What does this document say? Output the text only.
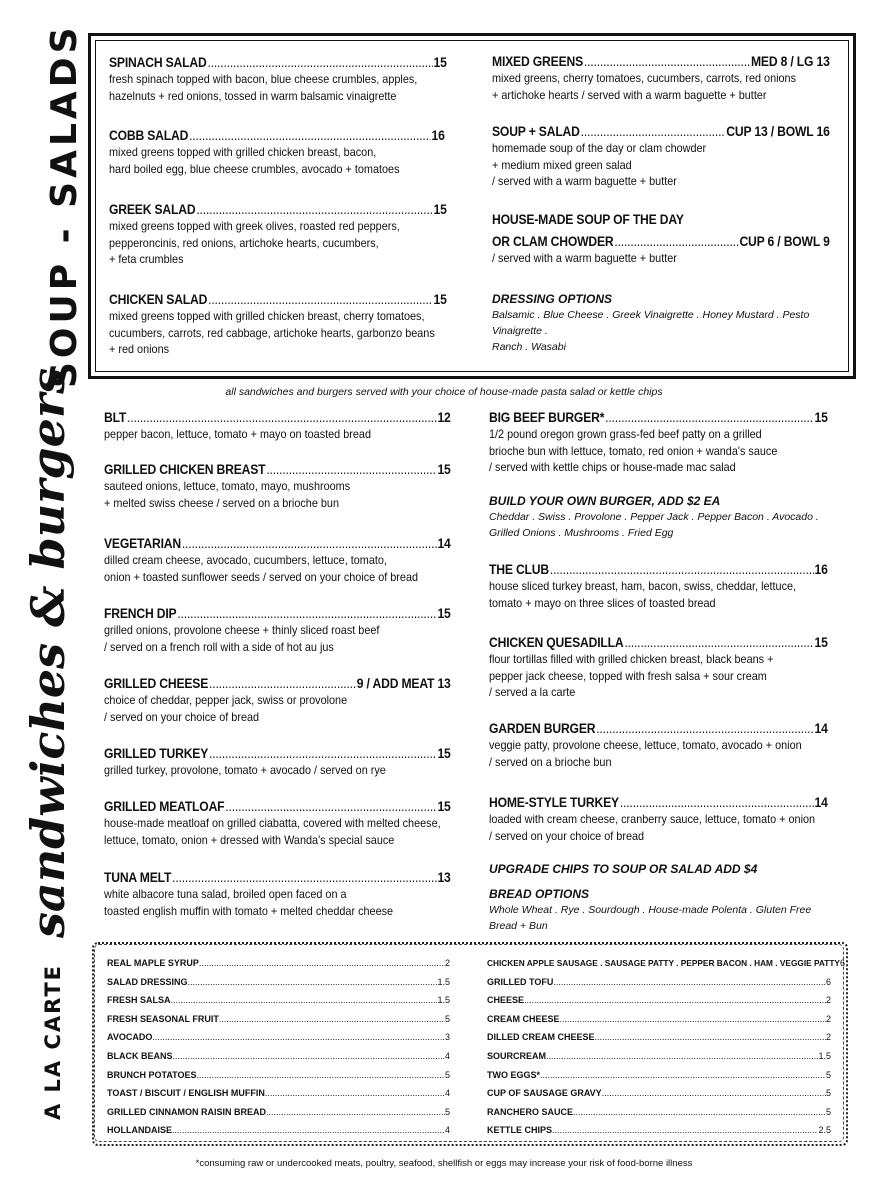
SOUP - SALADS
sandwiches & burgers
A LA CARTE
SPINACH SALAD .....	15
fresh spinach topped with bacon, blue cheese crumbles, apples,
hazelnuts + red onions, tossed in warm balsamic vinaigrette
COBB SALAD .....	16
mixed greens topped with grilled chicken breast, bacon,
hard boiled egg, blue cheese crumbles, avocado + tomatoes
GREEK SALAD .....	15
mixed greens topped with greek olives, roasted red peppers,
pepperoncinis, red onions, artichoke hearts, cucumbers,
+ feta crumbles
CHICKEN SALAD .....	15
mixed greens topped with grilled chicken breast, cherry tomatoes,
cucumbers, carrots, red cabbage, artichoke hearts, garbonzo beans
+ red onions
MIXED GREENS .....	MED 8 / LG 13
mixed greens, cherry tomatoes, cucumbers, carrots, red onions
+ artichoke hearts / served with a warm baguette + butter
SOUP + SALAD .....	CUP 13 / BOWL 16
homemade soup of the day or clam chowder
+ medium mixed green salad
/ served with a warm baguette + butter
HOUSE-MADE SOUP OF THE DAY
OR CLAM CHOWDER .....	CUP 6 / BOWL 9
/ served with a warm baguette + butter
DRESSING OPTIONS
Balsamic . Blue Cheese . Greek Vinaigrette . Honey Mustard . Pesto Vinaigrette .
Ranch . Wasabi
all sandwiches and burgers served with your choice of house-made pasta salad or kettle chips
BLT .....	12
pepper bacon, lettuce, tomato + mayo on toasted bread
GRILLED CHICKEN BREAST .....	15
sauteed onions, lettuce, tomato, mayo, mushrooms
+ melted swiss cheese / served on a brioche bun
VEGETARIAN .....	14
dilled cream cheese, avocado, cucumbers, lettuce, tomato,
onion + toasted sunflower seeds / served on your choice of bread
FRENCH DIP .....	15
grilled onions, provolone cheese + thinly sliced roast beef
/ served on a french roll with a side of hot au jus
GRILLED CHEESE .....	9 / ADD MEAT 13
choice of cheddar, pepper jack, swiss or provolone
/ served on your choice of bread
GRILLED TURKEY .....	15
grilled turkey, provolone, tomato + avocado / served on rye
GRILLED MEATLOAF .....	15
house-made meatloaf on grilled ciabatta, covered with melted cheese,
lettuce, tomato, onion + dressed with Wanda's special sauce
TUNA MELT .....	13
white albacore tuna salad, broiled open faced on a
toasted english muffin with tomato + melted cheddar cheese
BIG BEEF BURGER* .....	15
1/2 pound oregon grown grass-fed beef patty on a grilled
brioche bun with lettuce, tomato, red onion + wanda's sauce
/ served with kettle chips or house-made mac salad
BUILD YOUR OWN BURGER, ADD $2 EA
Cheddar . Swiss . Provolone . Pepper Jack . Pepper Bacon . Avocado .
Grilled Onions . Mushrooms . Fried Egg
THE CLUB .....	16
house sliced turkey breast, ham, bacon, swiss, cheddar, lettuce,
tomato + mayo on three slices of toasted bread
CHICKEN QUESADILLA .....	15
flour tortillas filled with grilled chicken breast, black beans +
pepper jack cheese, topped with fresh salsa + sour cream
/ served a la carte
GARDEN BURGER .....	14
veggie patty, provolone cheese, lettuce, tomato, avocado + onion
/ served on a brioche bun
HOME-STYLE TURKEY .....	14
loaded with cream cheese, cranberry sauce, lettuce, tomato + onion
/ served on your choice of bread
UPGRADE CHIPS TO SOUP OR SALAD ADD $4
BREAD OPTIONS
Whole Wheat . Rye . Sourdough . House-made Polenta . Gluten Free
Bread + Bun
REAL MAPLE SYRUP .....	2
SALAD DRESSING .....	1.5
FRESH SALSA .....	1.5
FRESH SEASONAL FRUIT .....	5
AVOCADO .....	3
BLACK BEANS .....	4
BRUNCH POTATOES .....	5
TOAST / BISCUIT / ENGLISH MUFFIN .....	4
GRILLED CINNAMON RAISIN BREAD .....	5
HOLLANDAISE .....	4
CHICKEN APPLE SAUSAGE . SAUSAGE PATTY . PEPPER BACON . HAM . VEGGIE PATTY 6
GRILLED TOFU .....	6
CHEESE .....	2
CREAM CHEESE .....	2
DILLED CREAM CHEESE .....	2
SOURCREAM .....	1.5
TWO EGGS* .....	5
CUP OF SAUSAGE GRAVY .....	5
RANCHERO SAUCE .....	5
KETTLE CHIPS .....	2.5
*consuming raw or undercooked meats, poultry, seafood, shellfish or eggs may increase your risk of food-borne illness
